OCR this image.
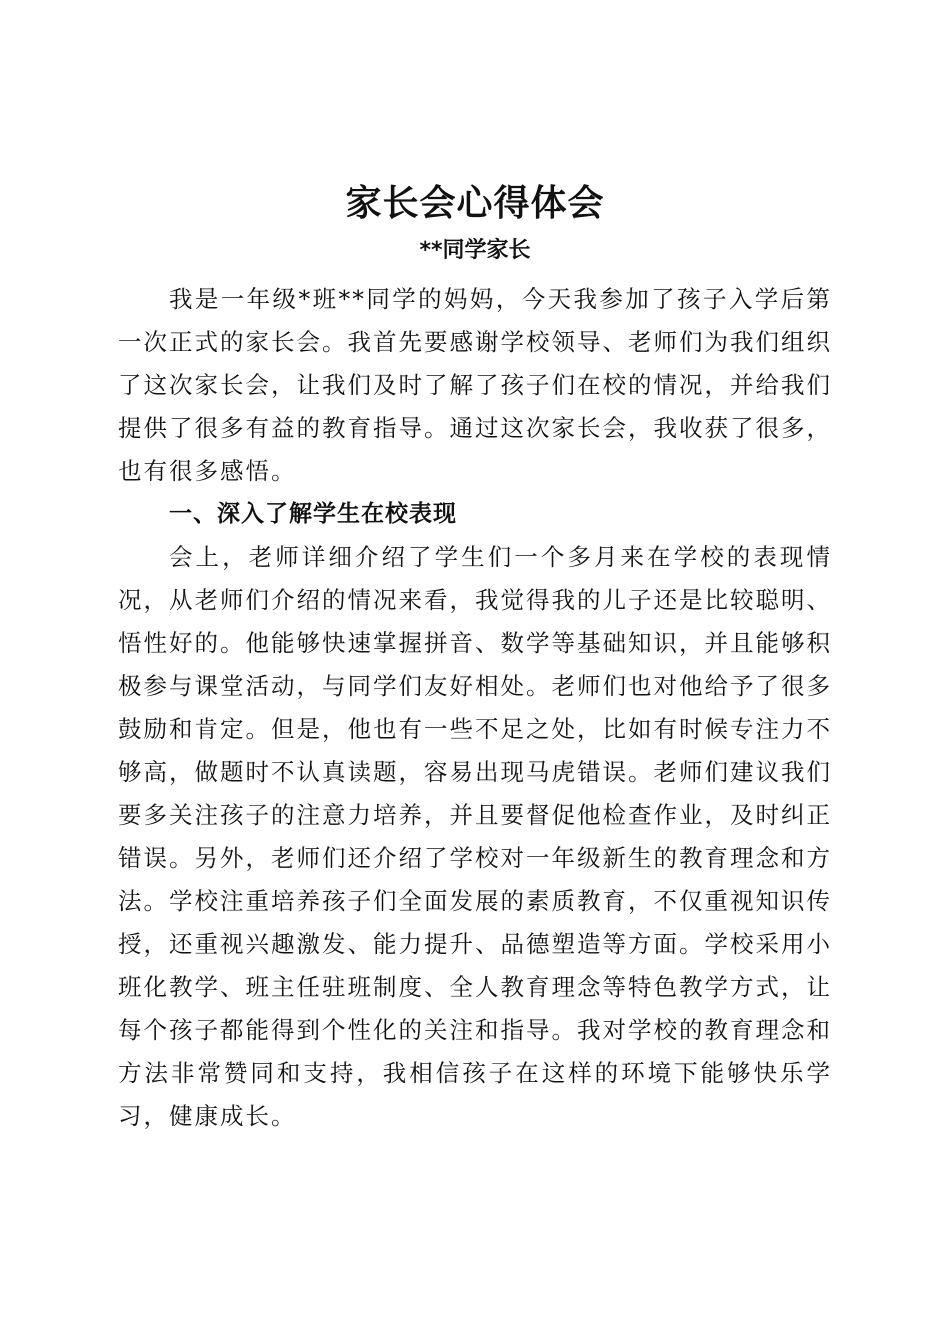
家长会心得体会
**同学家长

我是一年级*班**同学的妈妈，今天我参加了孩子入学后第一次正式的家长会。我首先要感谢学校领导、老师们为我们组织了这次家长会，让我们及时了解了孩子们在校的情况，并给我们提供了很多有益的教育指导。通过这次家长会，我收获了很多，也有很多感悟。

一、深入了解学生在校表现

会上，老师详细介绍了学生们一个多月来在学校的表现情况，从老师们介绍的情况来看，我觉得我的儿子还是比较聪明、悟性好的。他能够快速掌握拼音、数学等基础知识，并且能够积极参与课堂活动，与同学们友好相处。老师们也对他给予了很多鼓励和肯定。但是，他也有一些不足之处，比如有时候专注力不够高，做题时不认真读题，容易出现马虎错误。老师们建议我们要多关注孩子的注意力培养，并且要督促他检查作业，及时纠正错误。另外，老师们还介绍了学校对一年级新生的教育理念和方法。学校注重培养孩子们全面发展的素质教育，不仅重视知识传授，还重视兴趣激发、能力提升、品德塑造等方面。学校采用小班化教学、班主任驻班制度、全人教育理念等特色教学方式，让每个孩子都能得到个性化的关注和指导。我对学校的教育理念和方法非常赞同和支持，我相信孩子在这样的环境下能够快乐学习，健康成长。
